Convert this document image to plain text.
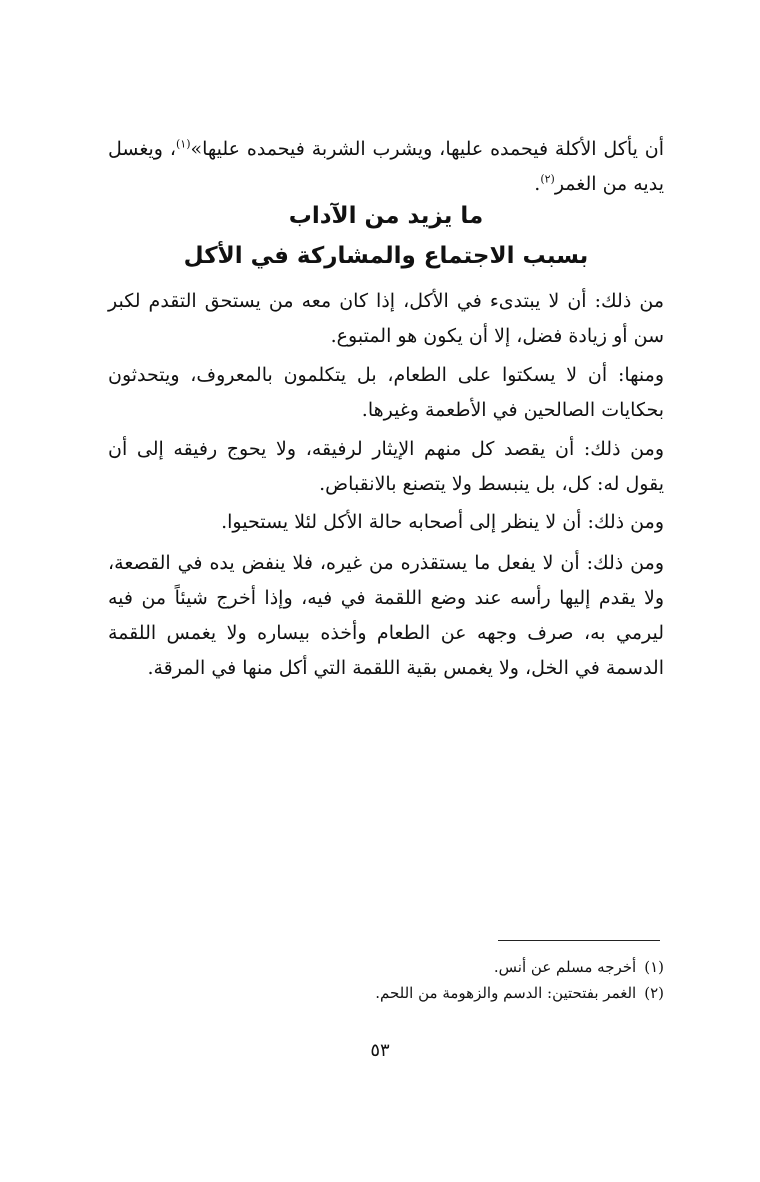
أن يأكل الأكلة فيحمده عليها، ويشرب الشربة فيحمده عليها»$^{(١)}$، ويغسل يديه من الغمر$^{(٢)}$.

ما يزيد من الآداب
بسبب الاجتماع والمشاركة في الأكل

من ذلك: أن لا يبتدىء في الأكل، إذا كان معه من يستحق التقدم لكبر سن أو زيادة فضل، إلا أن يكون هو المتبوع.

ومنها: أن لا يسكتوا على الطعام، بل يتكلمون بالمعروف، ويتحدثون بحكايات الصالحين في الأطعمة وغيرها.

ومن ذلك: أن يقصد كل منهم الإيثار لرفيقه، ولا يحوج رفيقه إلى أن يقول له: كل، بل ينبسط ولا يتصنع بالانقباض.

ومن ذلك: أن لا ينظر إلى أصحابه حالة الأكل لئلا يستحيوا.

ومن ذلك: أن لا يفعل ما يستقذره من غيره، فلا ينفض يده في القصعة، ولا يقدم إليها رأسه عند وضع اللقمة في فيه، وإذا أخرج شيئاً من فيه ليرمي به، صرف وجهه عن الطعام وأخذه بيساره ولا يغمس اللقمة الدسمة في الخل، ولا يغمس بقية اللقمة التي أكل منها في المرقة.

(١)أخرجه مسلم عن أنس.
(٢)الغمر بفتحتين: الدسم والزهومة من اللحم.
٥٣
